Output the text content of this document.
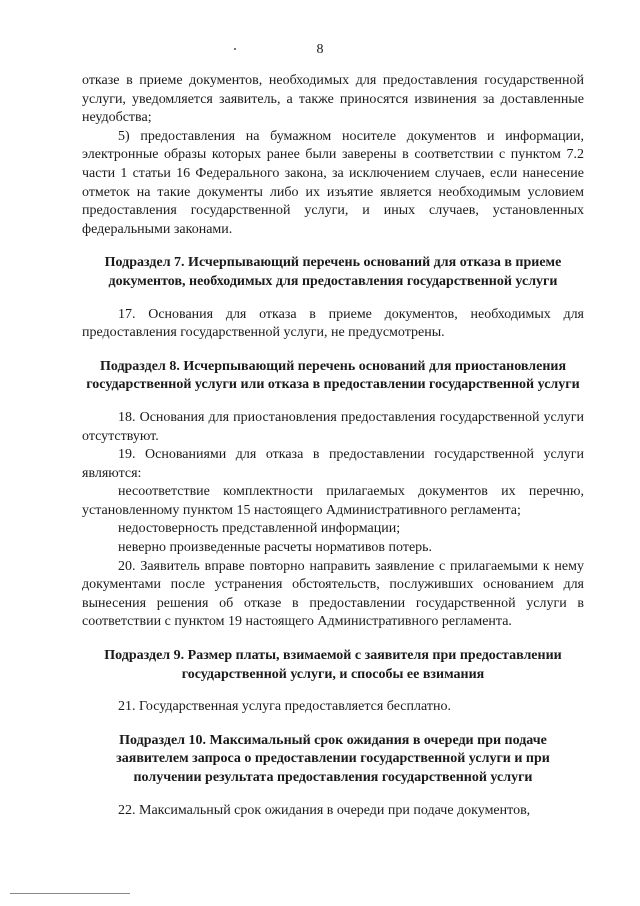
8

отказе в приеме документов, необходимых для предоставления государственной услуги, уведомляется заявитель, а также приносятся извинения за доставленные неудобства;

5) предоставления на бумажном носителе документов и информации, электронные образы которых ранее были заверены в соответствии с пунктом 7.2 части 1 статьи 16 Федерального закона, за исключением случаев, если нанесение отметок на такие документы либо их изъятие является необходимым условием предоставления государственной услуги, и иных случаев, установленных федеральными законами.

Подраздел 7. Исчерпывающий перечень оснований для отказа в приеме документов, необходимых для предоставления государственной услуги

17. Основания для отказа в приеме документов, необходимых для предоставления государственной услуги, не предусмотрены.

Подраздел 8. Исчерпывающий перечень оснований для приостановления государственной услуги или отказа в предоставлении государственной услуги

18. Основания для приостановления предоставления государственной услуги отсутствуют.

19. Основаниями для отказа в предоставлении государственной услуги являются:

несоответствие комплектности прилагаемых документов их перечню, установленному пунктом 15 настоящего Административного регламента;

недостоверность представленной информации;

неверно произведенные расчеты нормативов потерь.

20. Заявитель вправе повторно направить заявление с прилагаемыми к нему документами после устранения обстоятельств, послуживших основанием для вынесения решения об отказе в предоставлении государственной услуги в соответствии с пунктом 19 настоящего Административного регламента.

Подраздел 9. Размер платы, взимаемой с заявителя при предоставлении государственной услуги, и способы ее взимания

21. Государственная услуга предоставляется бесплатно.

Подраздел 10. Максимальный срок ожидания в очереди при подаче заявителем запроса о предоставлении государственной услуги и при получении результата предоставления государственной услуги

22. Максимальный срок ожидания в очереди при подаче документов,
